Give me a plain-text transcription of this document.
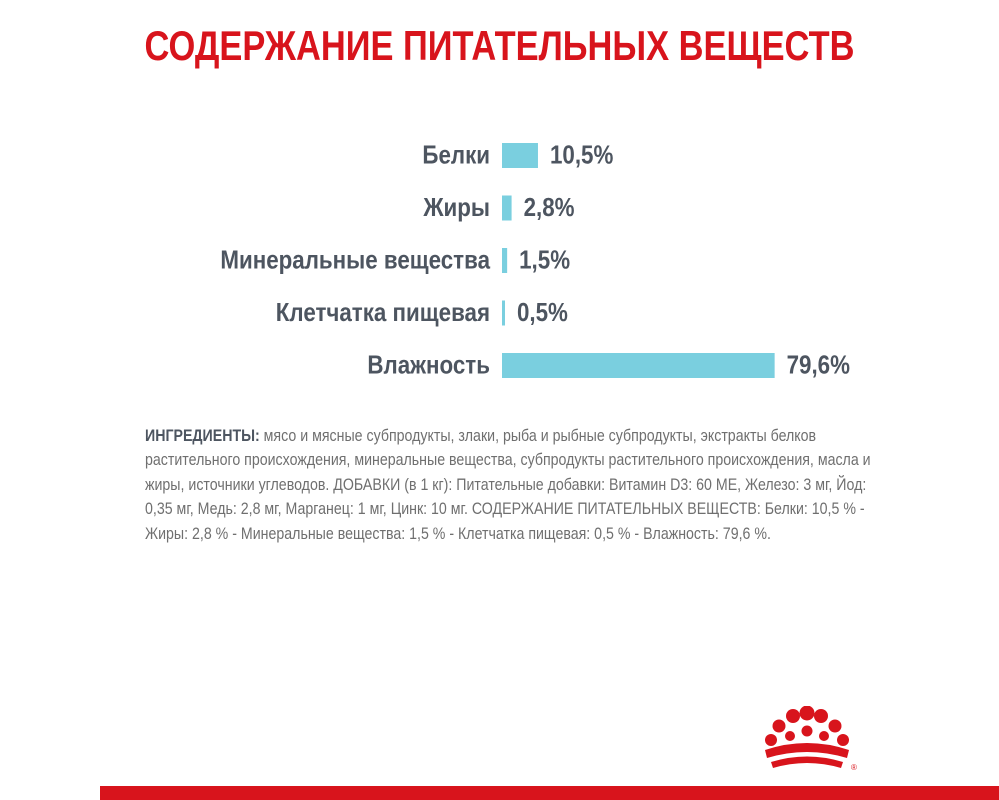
СОДЕРЖАНИЕ ПИТАТЕЛЬНЫХ ВЕЩЕСТВ
Белки 10,5%
Жиры 2,8%
Минеральные вещества 1,5%
Клетчатка пищевая 0,5%
Влажность	79,6%
ИНГРЕДИЕНТЫ: мясо и мясные субпродукты, злаки, рыба и рыбные субпродукты, экстракты белков растительного происхождения, минеральные вещества, субпродукты растительного происхождения, масла и жиры, источники углеводов. ДОБАВКИ (в 1 кг): Питательные добавки: Витамин D3: 60 МЕ, Железо: 3 мг, Йод: 0,35 мг, Медь: 2,8 мг, Марганец: 1 мг, Цинк: 10 мг. СОДЕРЖАНИЕ ПИТАТЕЛЬНЫХ ВЕЩЕСТВ: Белки: 10,5 % - Жиры: 2,8 % - Минеральные вещества: 1,5 % - Клетчатка пищевая: 0,5 % - Влажность: 79,6 %.
®
